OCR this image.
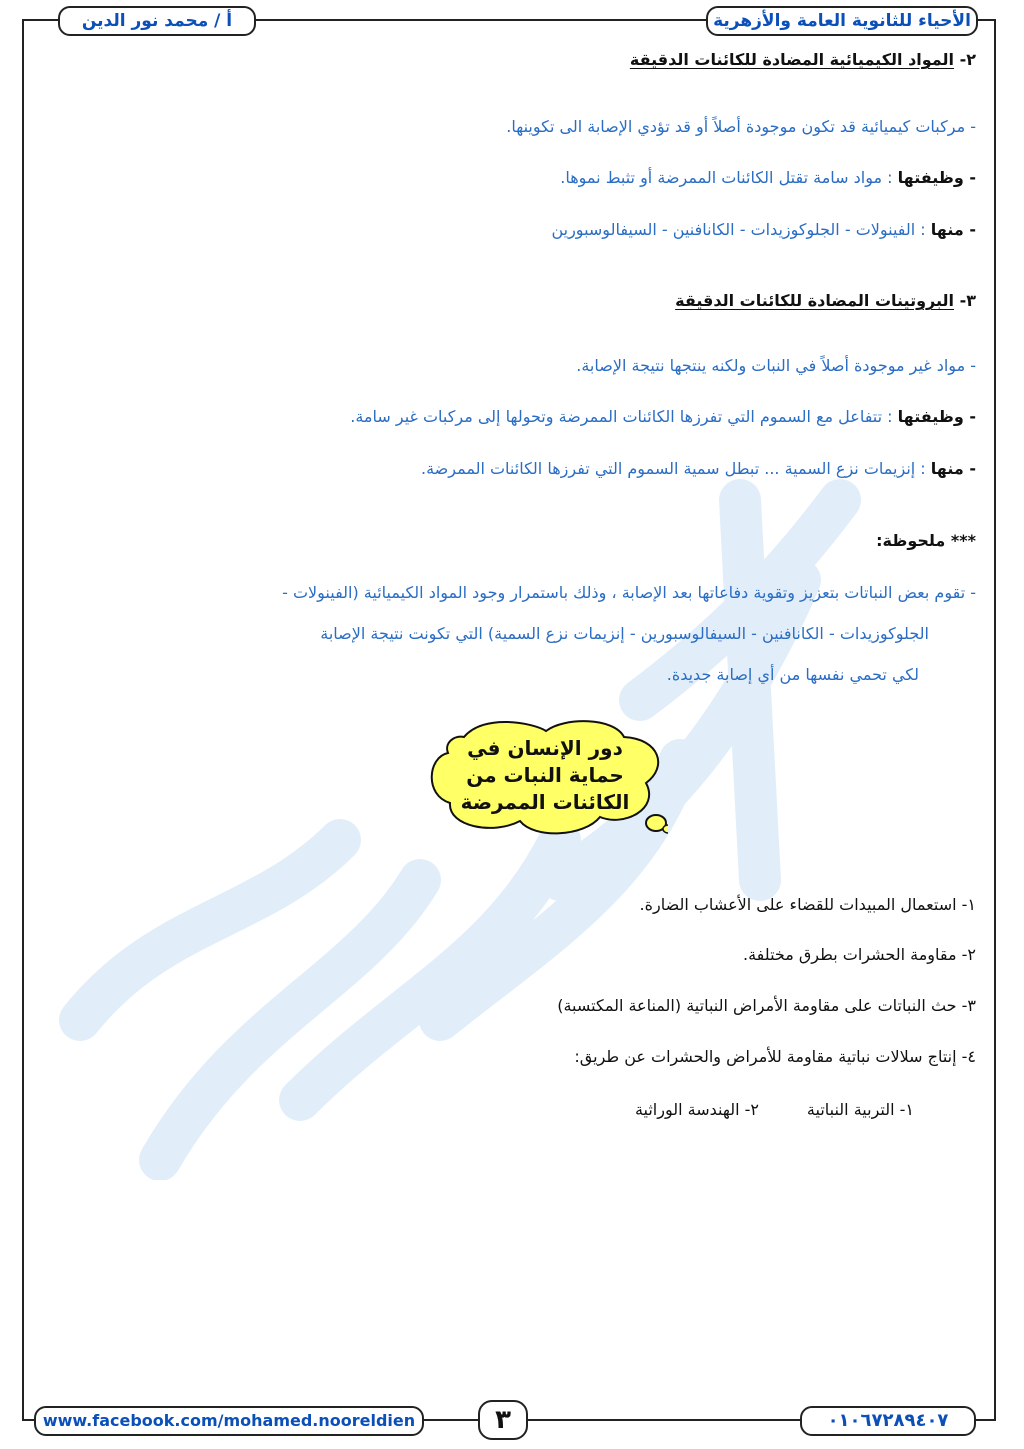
أ / محمد نور الدين	الأحياء للثانوية العامة والأزهرية
٢- المواد الكيميائية المضادة للكائنات الدقيقة
- مركبات كيميائية قد تكون موجودة أصلاً أو قد تؤدي الإصابة الى تكوينها.
- وظيفتها : مواد سامة تقتل الكائنات الممرضة أو تثبط نموها.
- منها : الفينولات - الجلوكوزيدات - الكانافنين - السيفالوسبورين
٣- البروتينات المضادة للكائنات الدقيقة
- مواد غير موجودة أصلاً في النبات ولكنه ينتجها نتيجة الإصابة.
- وظيفتها : تتفاعل مع السموم التي تفرزها الكائنات الممرضة وتحولها إلى مركبات غير سامة.
- منها : إنزيمات نزع السمية ... تبطل سمية السموم التي تفرزها الكائنات الممرضة.
*** ملحوظة:
- تقوم بعض النباتات بتعزيز وتقوية دفاعاتها بعد الإصابة ، وذلك باستمرار وجود المواد الكيميائية (الفينولات -
الجلوكوزيدات - الكانافنين - السيفالوسبورين - إنزيمات نزع السمية) التي تكونت نتيجة الإصابة
لكي تحمي نفسها من أي إصابة جديدة.
دور الإنسان في
حماية النبات من
الكائنات الممرضة
١- استعمال المبيدات للقضاء على الأعشاب الضارة.
٢- مقاومة الحشرات بطرق مختلفة.
٣- حث النباتات على مقاومة الأمراض النباتية (المناعة المكتسبة)
٤- إنتاج سلالات نباتية مقاومة للأمراض والحشرات عن طريق:
١- التربية النباتية
٢- الهندسة الوراثية
www.facebook.com/mohamed.nooreldien	٣	٠١٠٦٧٢٨٩٤٠٧
